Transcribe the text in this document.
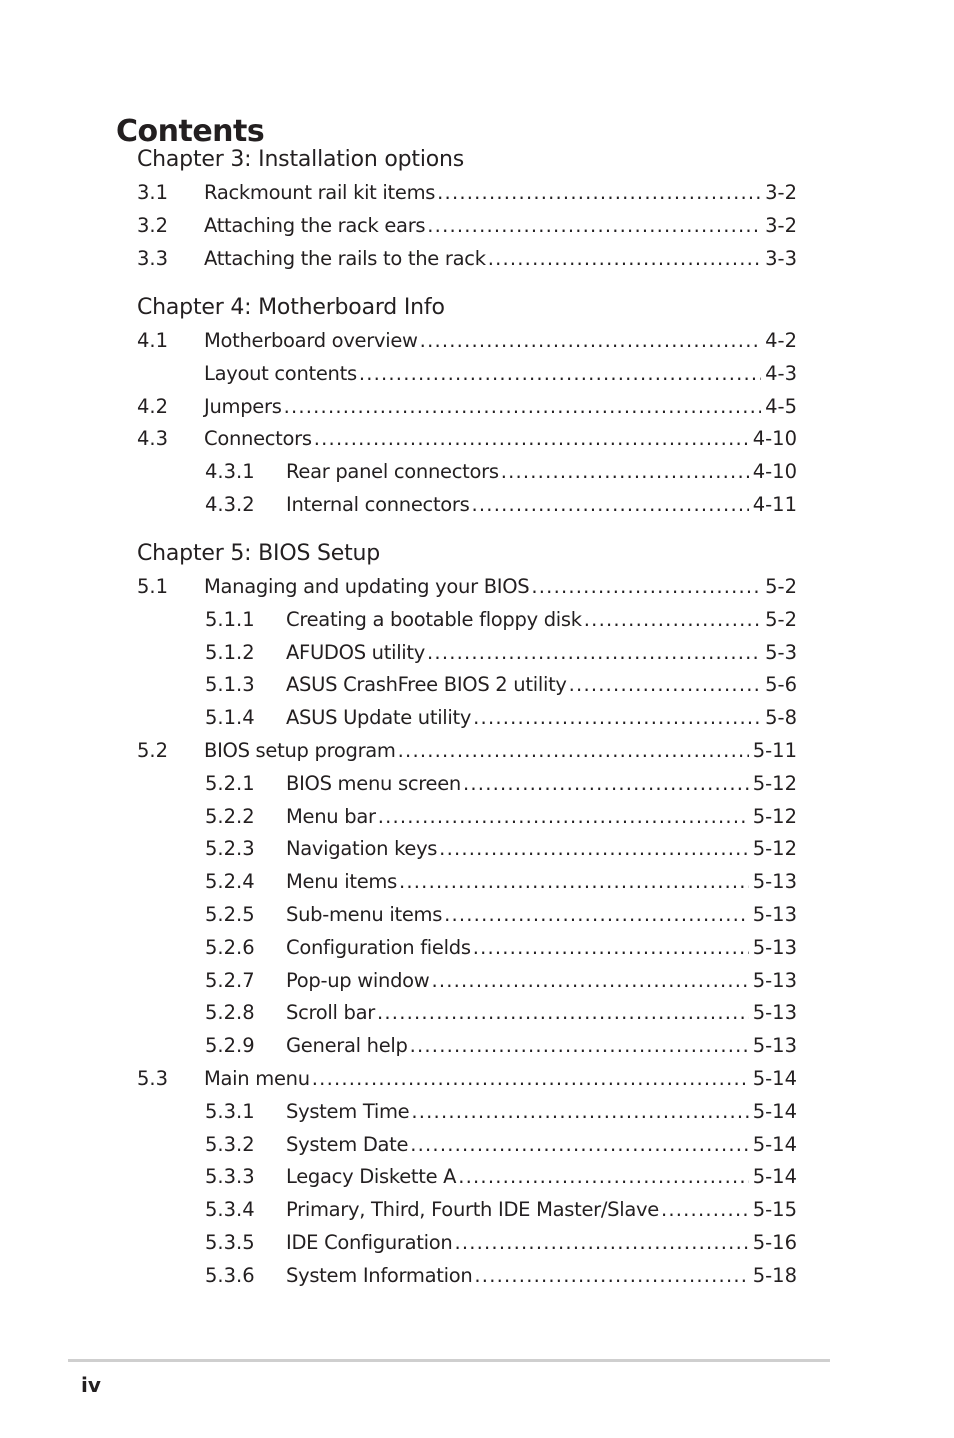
Contents
Chapter 3: Installation options
3.1	Rackmount rail kit items .....	3-2
3.2	Attaching the rack ears .....	3-2
3.3	Attaching the rails to the rack .....	3-3
Chapter 4: Motherboard Info
4.1	Motherboard overview .....	4-2
Layout contents .....	4-3
4.2	Jumpers .....	4-5
4.3	Connectors .....	4-10
4.3.1	Rear panel connectors .....	4-10
4.3.2	Internal connectors .....	4-11
Chapter 5: BIOS Setup
5.1	Managing and updating your BIOS .....	5-2
5.1.1	Creating a bootable floppy disk .....	5-2
5.1.2	AFUDOS utility .....	5-3
5.1.3	ASUS CrashFree BIOS 2 utility .....	5-6
5.1.4	ASUS Update utility .....	5-8
5.2	BIOS setup program .....	5-11
5.2.1	BIOS menu screen .....	5-12
5.2.2	Menu bar .....	5-12
5.2.3	Navigation keys .....	5-12
5.2.4	Menu items .....	5-13
5.2.5	Sub-menu items .....	5-13
5.2.6	Configuration fields .....	5-13
5.2.7	Pop-up window .....	5-13
5.2.8	Scroll bar .....	5-13
5.2.9	General help .....	5-13
5.3	Main menu .....	5-14
5.3.1	System Time .....	5-14
5.3.2	System Date .....	5-14
5.3.3	Legacy Diskette A .....	5-14
5.3.4	Primary, Third, Fourth IDE Master/Slave .....	5-15
5.3.5	IDE Configuration .....	5-16
5.3.6	System Information .....	5-18
iv
